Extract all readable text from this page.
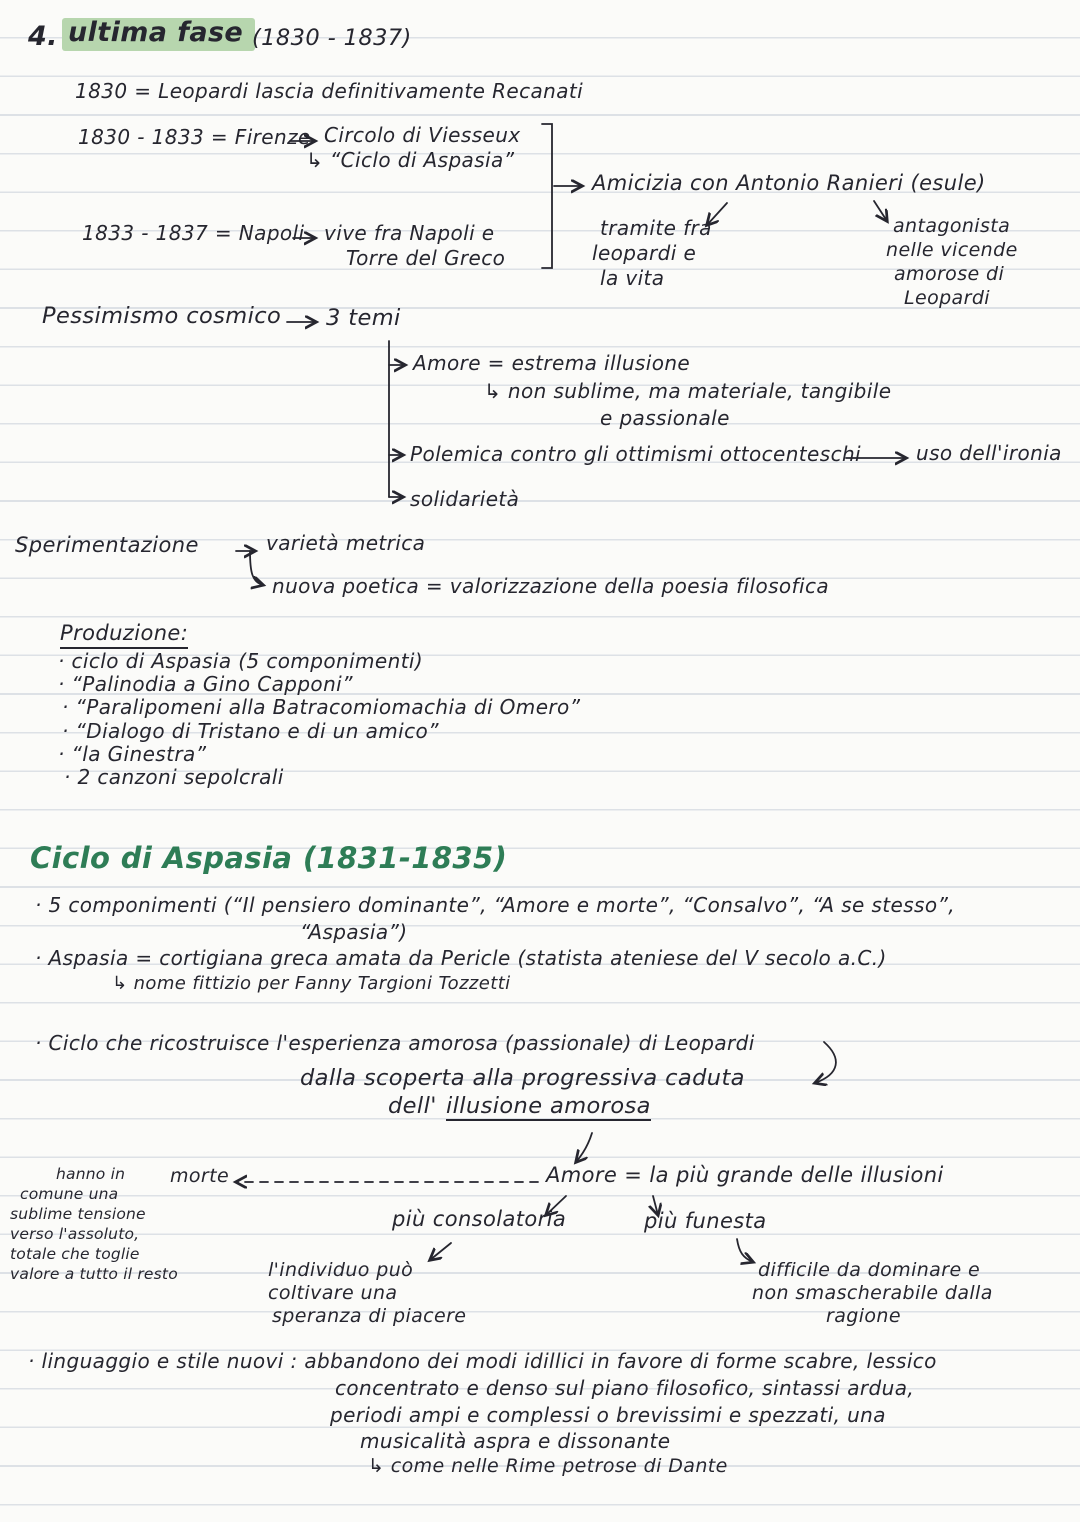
4. ultima fase (1830 - 1837)
1830 = Leopardi lascia definitivamente Recanati
1830 - 1833 = Firenze Circolo di Viesseux
↳ “Ciclo di Aspasia”
Amicizia con Antonio Ranieri (esule)
1833 - 1837 = Napoli vive fra Napoli e
Torre del Greco
tramite fra
leopardi e
la vita
antagonista
nelle vicende
amorose di
Leopardi
Pessimismo cosmico 3 temi
Amore = estrema illusione
↳ non sublime, ma materiale, tangibile
e passionale
Polemica contro gli ottimismi ottocenteschi	uso dell'ironia
solidarietà
Sperimentazione	varietà metrica
nuova poetica = valorizzazione della poesia filosofica
Produzione:
· ciclo di Aspasia (5 componimenti)
· “Palinodia a Gino Capponi”
· “Paralipomeni alla Batracomiomachia di Omero”
· “Dialogo di Tristano e di un amico”
· “la Ginestra”
· 2 canzoni sepolcrali
Ciclo di Aspasia (1831-1835)
· 5 componimenti (“Il pensiero dominante”, “Amore e morte”, “Consalvo”, “A se stesso”,
“Aspasia”)
· Aspasia = cortigiana greca amata da Pericle (statista ateniese del V secolo a.C.)
↳ nome fittizio per Fanny Targioni Tozzetti
· Ciclo che ricostruisce l'esperienza amorosa (passionale) di Leopardi
dalla scoperta alla progressiva caduta
dell' illusione amorosa
hanno in
comune una
sublime tensione
verso l'assoluto,
totale che toglie
valore a tutto il resto
morte	Amore = la più grande delle illusioni
più consolatoria	più funesta
l'individuo può
coltivare una
speranza di piacere
difficile da dominare e
non smascherabile dalla
ragione
· linguaggio e stile nuovi : abbandono dei modi idillici in favore di forme scabre, lessico
concentrato e denso sul piano filosofico, sintassi ardua,
periodi ampi e complessi o brevissimi e spezzati, una
musicalità aspra e dissonante
↳ come nelle Rime petrose di Dante
